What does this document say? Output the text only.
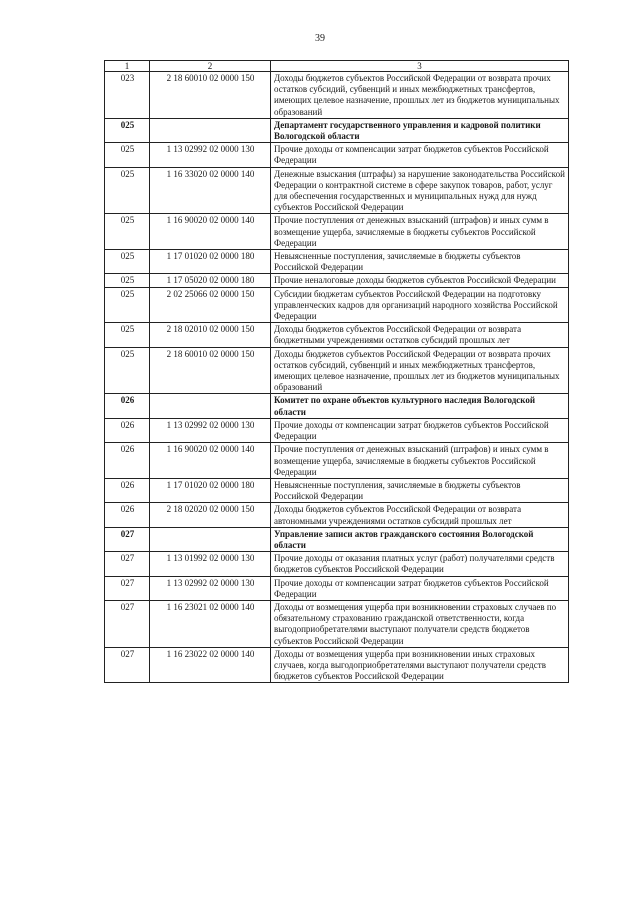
39
1	2	3
023	2 18 60010 02 0000 150	Доходы бюджетов субъектов Российской Федерации от возврата прочих остатков субсидий, субвенций и иных межбюджетных трансфертов, имеющих целевое назначение, прошлых лет из бюджетов муниципальных образований
025		Департамент государственного управления и кадровой политики Вологодской области
025	1 13 02992 02 0000 130	Прочие доходы от компенсации затрат бюджетов субъектов Российской Федерации
025	1 16 33020 02 0000 140	Денежные взыскания (штрафы) за нарушение законодательства Российской Федерации о контрактной системе в сфере закупок товаров, работ, услуг для обеспечения государственных и муниципальных нужд для нужд субъектов Российской Федерации
025	1 16 90020 02 0000 140	Прочие поступления от денежных взысканий (штрафов) и иных сумм в возмещение ущерба, зачисляемые в бюджеты субъектов Российской Федерации
025	1 17 01020 02 0000 180	Невыясненные поступления, зачисляемые в бюджеты субъектов Российской Федерации
025	1 17 05020 02 0000 180	Прочие неналоговые доходы бюджетов субъектов Российской Федерации
025	2 02 25066 02 0000 150	Субсидии бюджетам субъектов Российской Федерации на подготовку управленческих кадров для организаций народного хозяйства Российской Федерации
025	2 18 02010 02 0000 150	Доходы бюджетов субъектов Российской Федерации от возврата бюджетными учреждениями остатков субсидий прошлых лет
025	2 18 60010 02 0000 150	Доходы бюджетов субъектов Российской Федерации от возврата прочих остатков субсидий, субвенций и иных межбюджетных трансфертов, имеющих целевое назначение, прошлых лет из бюджетов муниципальных образований
026		Комитет по охране объектов культурного наследия Вологодской области
026	1 13 02992 02 0000 130	Прочие доходы от компенсации затрат бюджетов субъектов Российской Федерации
026	1 16 90020 02 0000 140	Прочие поступления от денежных взысканий (штрафов) и иных сумм в возмещение ущерба, зачисляемые в бюджеты субъектов Российской Федерации
026	1 17 01020 02 0000 180	Невыясненные поступления, зачисляемые в бюджеты субъектов Российской Федерации
026	2 18 02020 02 0000 150	Доходы бюджетов субъектов Российской Федерации от возврата автономными учреждениями остатков субсидий прошлых лет
027		Управление записи актов гражданского состояния Вологодской области
027	1 13 01992 02 0000 130	Прочие доходы от оказания платных услуг (работ) получателями средств бюджетов субъектов Российской Федерации
027	1 13 02992 02 0000 130	Прочие доходы от компенсации затрат бюджетов субъектов Российской Федерации
027	1 16 23021 02 0000 140	Доходы от возмещения ущерба при возникновении страховых случаев по обязательному страхованию гражданской ответственности, когда выгодоприобретателями выступают получатели средств бюджетов субъектов Российской Федерации
027	1 16 23022 02 0000 140	Доходы от возмещения ущерба при возникновении иных страховых случаев, когда выгодоприобретателями выступают получатели средств бюджетов субъектов Российской Федерации
